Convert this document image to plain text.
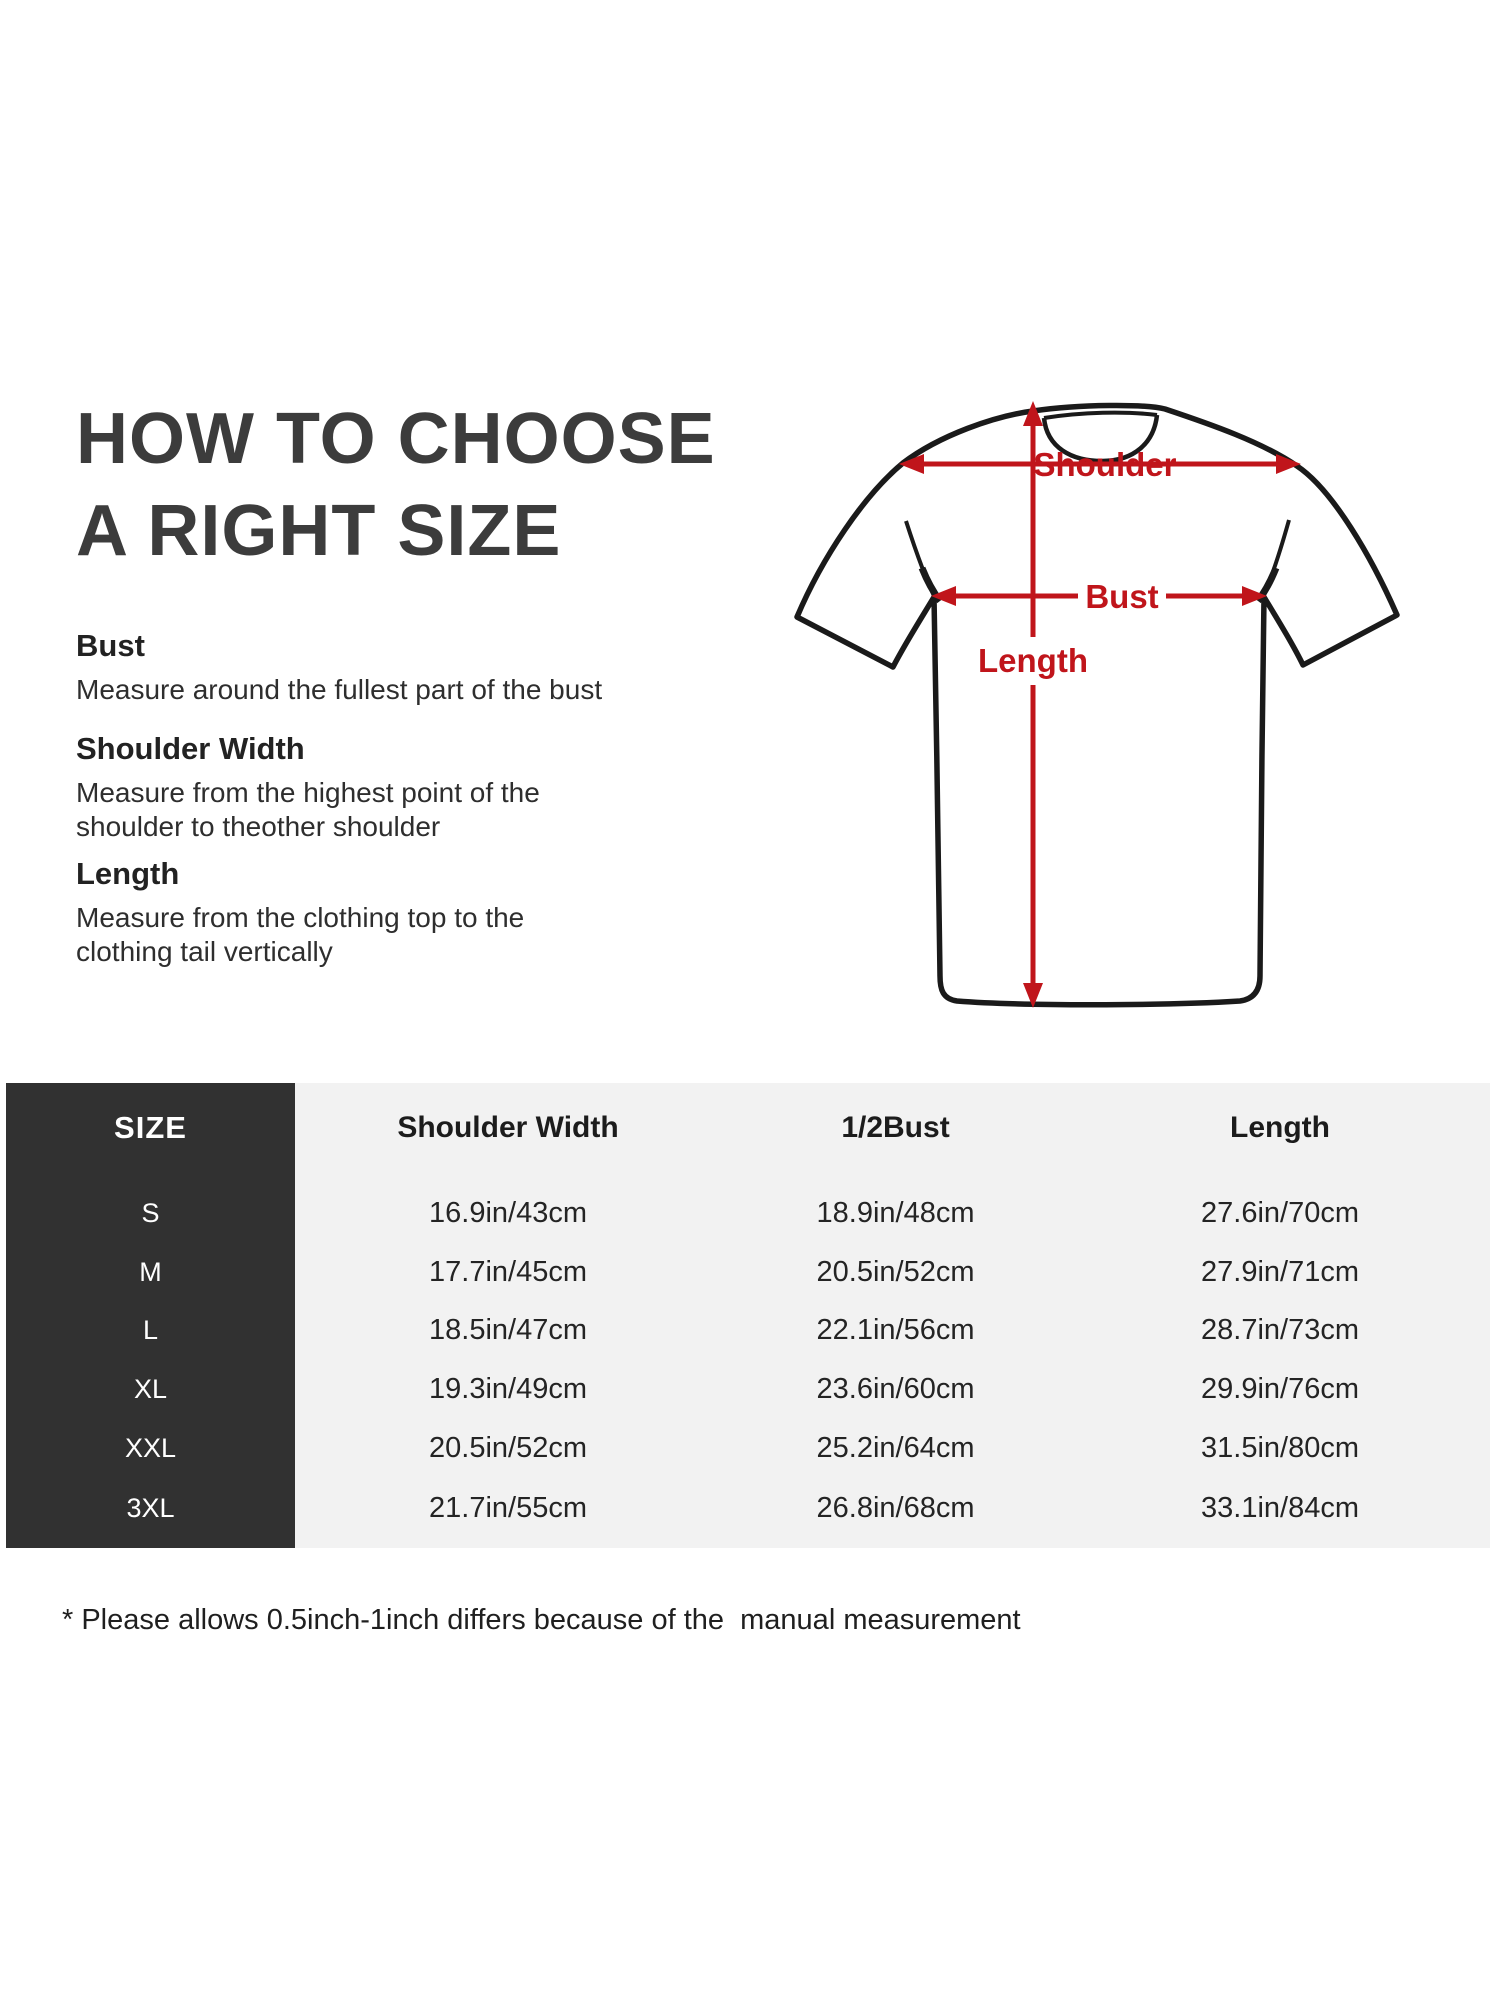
HOW TO CHOOSE
A RIGHT SIZE
Bust

Measure around the fullest part of the bust

Shoulder Width

Measure from the highest point of the

shoulder to theother shoulder

Length

Measure from the clothing top to the

clothing tail vertically

Shoulder
Bust
Length
SIZE	Shoulder Width	1/2Bust	Length
S	16.9in/43cm	18.9in/48cm	27.6in/70cm
M	17.7in/45cm	20.5in/52cm	27.9in/71cm
L	18.5in/47cm	22.1in/56cm	28.7in/73cm
XL	19.3in/49cm	23.6in/60cm	29.9in/76cm
XXL	20.5in/52cm	25.2in/64cm	31.5in/80cm
3XL	21.7in/55cm	26.8in/68cm	33.1in/84cm
* Please allows 0.5inch-1inch differs because of the  manual measurement
